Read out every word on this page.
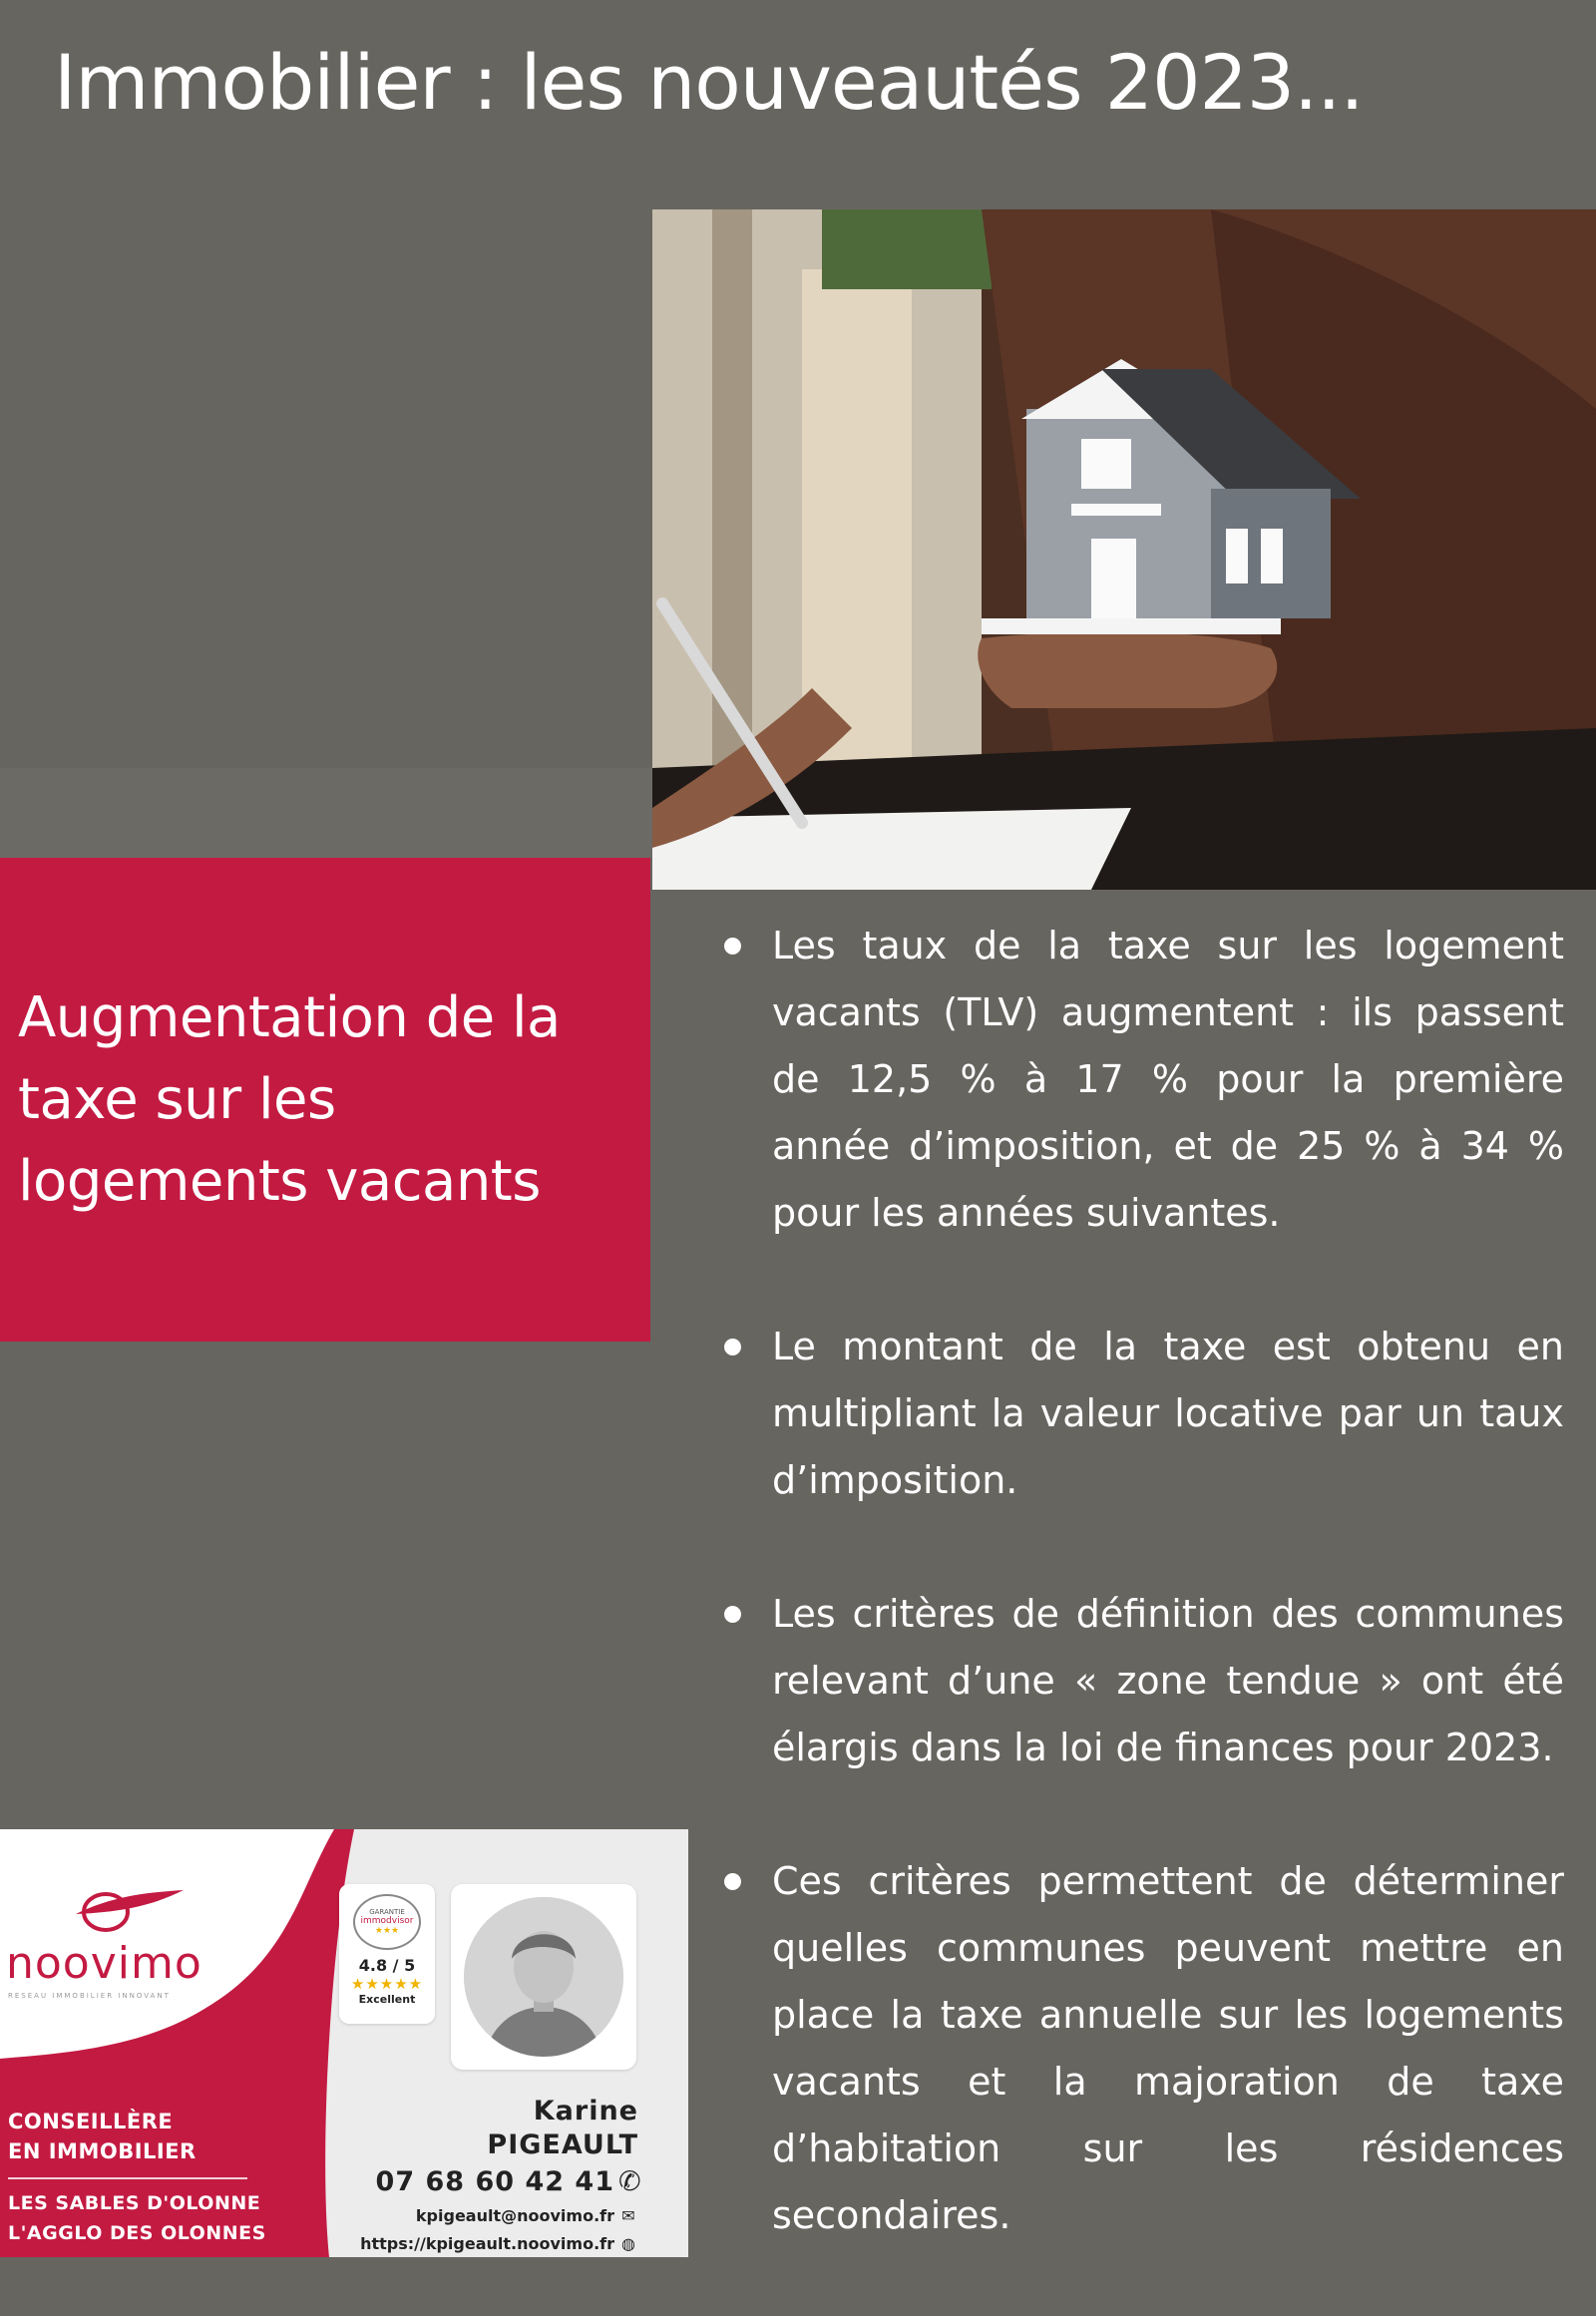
Immobilier : les nouveautés 2023...
Augmentation de la taxe sur les logements vacants
Les taux de la taxe sur les logement vacants (TLV) augmentent : ils passent de 12,5 % à 17 % pour la première année d’imposition, et de 25 % à 34 % pour les années suivantes.
Le montant de la taxe est obtenu en multipliant la valeur locative par un taux d’imposition.
Les critères de définition des communes relevant d’une « zone tendue » ont été élargis dans la loi de finances pour 2023.
Ces critères permettent de déterminer quelles communes peuvent mettre en place la taxe annuelle sur les logements vacants et la majoration de taxe d’habitation sur les résidences secondaires.
noovimo
RESEAU IMMOBILIER INNOVANT
GARANTIE
immodvisor
★★★
4.8 / 5
★★★★★
Excellent
CONSEILLÈRE
EN IMMOBILIER
LES SABLES D'OLONNE
L'AGGLO DES OLONNES
Karine
PIGEAULT
07 68 60 42 41 ✆
kpigeault@noovimo.fr ✉
https://kpigeault.noovimo.fr ◍
